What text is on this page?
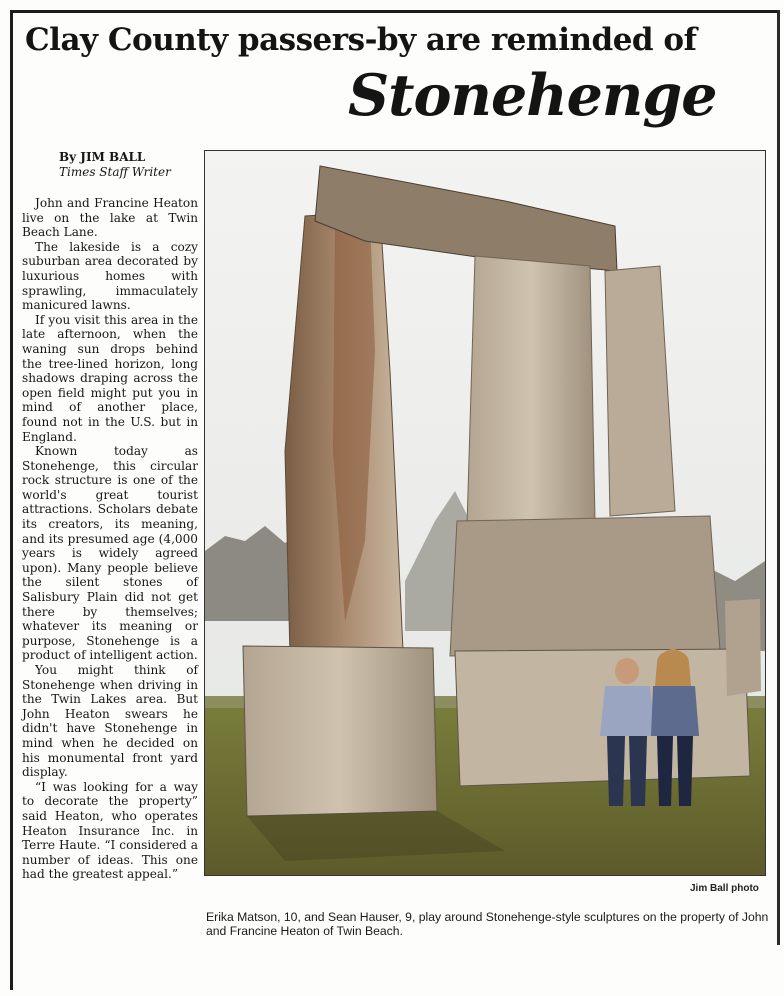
Clay County passers-by are reminded of
Stonehenge
By JIM BALL
Times Staff Writer

John and Francine Heaton live on the lake at Twin Beach Lane.

The lakeside is a cozy suburban area decorated by luxurious homes with sprawling, immaculately manicured lawns.

If you visit this area in the late afternoon, when the waning sun drops behind the tree-lined horizon, long shadows draping across the open field might put you in mind of another place, found not in the U.S. but in England.

Known today as Stonehenge, this circular rock structure is one of the world's great tourist attractions. Scholars debate its creators, its meaning, and its presumed age (4,000 years is widely agreed upon). Many people believe the silent stones of Salisbury Plain did not get there by themselves; whatever its meaning or purpose, Stonehenge is a product of intelligent action.

You might think of Stonehenge when driving in the Twin Lakes area. But John Heaton swears he didn't have Stonehenge in mind when he decided on his monumental front yard display.

“I was looking for a way to decorate the property” said Heaton, who operates Heaton Insurance Inc. in Terre Haute. “I considered a number of ideas. This one had the greatest appeal.”

Jim Ball photo
Erika Matson, 10, and Sean Hauser, 9, play around Stonehenge-style sculptures on the property of John and Francine Heaton of Twin Beach.
